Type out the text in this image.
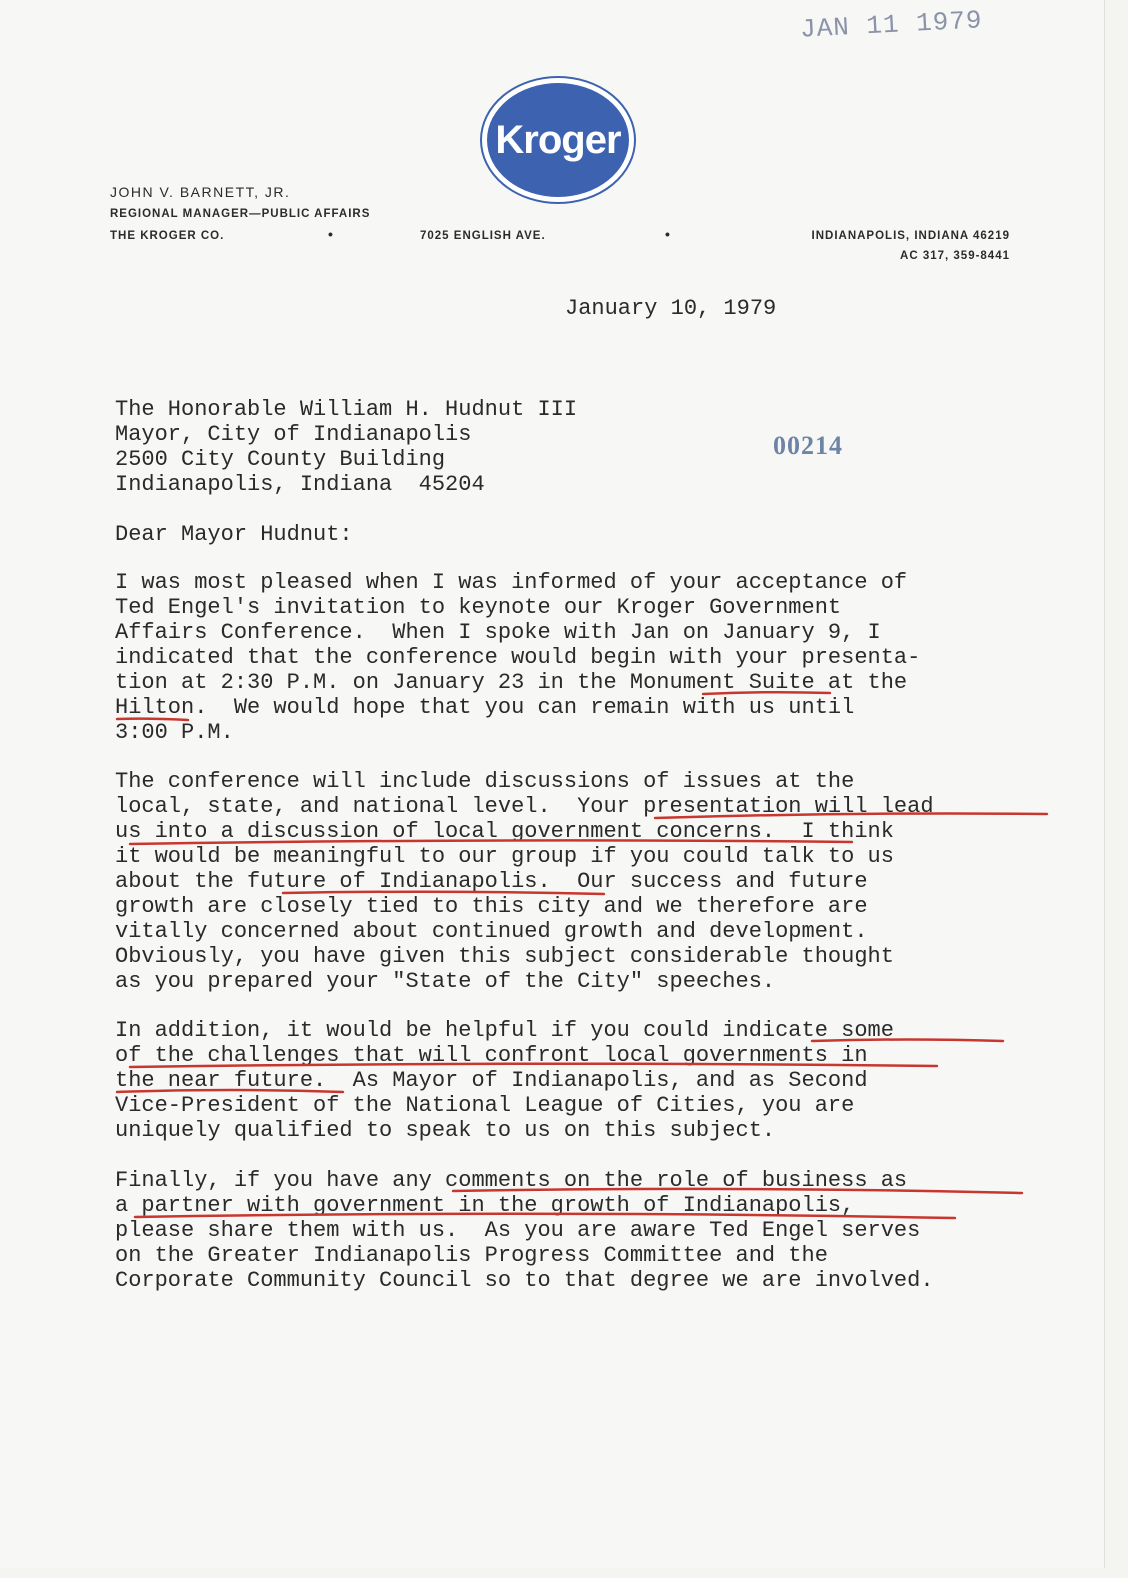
JAN 11 1979
Kroger
JOHN V. BARNETT, JR.
REGIONAL MANAGER—PUBLIC AFFAIRS
THE KROGER CO.	•	7025 ENGLISH AVE.	•	INDIANAPOLIS, INDIANA 46219
AC 317, 359-8441
January 10, 1979
The Honorable William H. Hudnut III
Mayor, City of Indianapolis
2500 City County Building
Indianapolis, Indiana  45204
00214
Dear Mayor Hudnut:
I was most pleased when I was informed of your acceptance of
Ted Engel's invitation to keynote our Kroger Government
Affairs Conference.  When I spoke with Jan on January 9, I
indicated that the conference would begin with your presenta-
tion at 2:30 P.M. on January 23 in the Monument Suite at the
Hilton.  We would hope that you can remain with us until
3:00 P.M.
The conference will include discussions of issues at the
local, state, and national level.  Your presentation will lead
us into a discussion of local government concerns.  I think
it would be meaningful to our group if you could talk to us
about the future of Indianapolis.  Our success and future
growth are closely tied to this city and we therefore are
vitally concerned about continued growth and development.
Obviously, you have given this subject considerable thought
as you prepared your "State of the City" speeches.
In addition, it would be helpful if you could indicate some
of the challenges that will confront local governments in
the near future.  As Mayor of Indianapolis, and as Second
Vice-President of the National League of Cities, you are
uniquely qualified to speak to us on this subject.
Finally, if you have any comments on the role of business as
a partner with government in the growth of Indianapolis,
please share them with us.  As you are aware Ted Engel serves
on the Greater Indianapolis Progress Committee and the
Corporate Community Council so to that degree we are involved.
